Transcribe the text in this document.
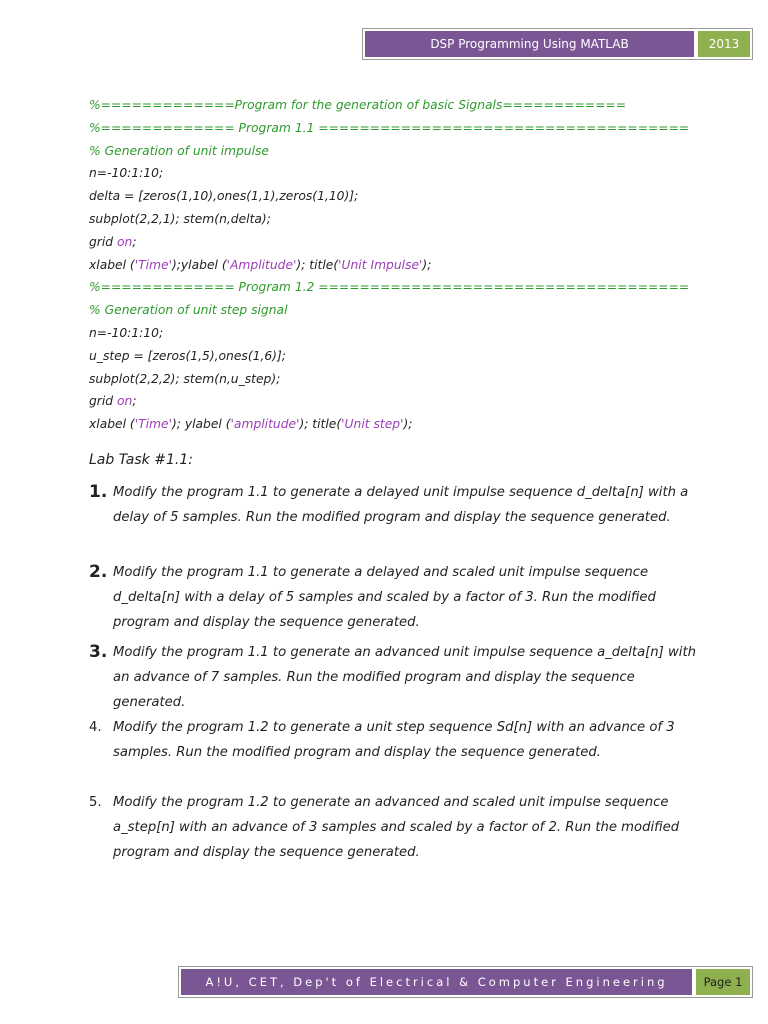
DSP Programming Using MATLAB	2013
%=============Program for the generation of basic Signals============
%============= Program 1.1 ====================================
% Generation of unit impulse
n=-10:1:10;
delta = [zeros(1,10),ones(1,1),zeros(1,10)];
subplot(2,2,1); stem(n,delta);
grid on;
xlabel ('Time');ylabel ('Amplitude'); title('Unit Impulse');
%============= Program 1.2 ====================================
% Generation of unit step signal
n=-10:1:10;
u_step = [zeros(1,5),ones(1,6)];
subplot(2,2,2); stem(n,u_step);
grid on;
xlabel ('Time'); ylabel ('amplitude'); title('Unit step');
Lab Task #1.1:
1. Modify the program 1.1 to generate a delayed unit impulse sequence d_delta[n] with a delay of 5 samples. Run the modified program and display the sequence generated.
2. Modify the program 1.1 to generate a delayed and scaled unit impulse sequence d_delta[n] with a delay of 5 samples and scaled by a factor of 3. Run the modified program and display the sequence generated.
3. Modify the program 1.1 to generate an advanced unit impulse sequence a_delta[n] with an advance of 7 samples. Run the modified program and display the sequence generated.
4. Modify the program 1.2 to generate a unit step sequence Sd[n] with an advance of 3 samples. Run the modified program and display the sequence generated.
5. Modify the program 1.2 to generate an advanced and scaled unit impulse sequence a_step[n] with an advance of 3 samples and scaled by a factor of 2. Run the modified program and display the sequence generated.
A!U, CET, Dep't of Electrical & Computer Engineering	Page 1
